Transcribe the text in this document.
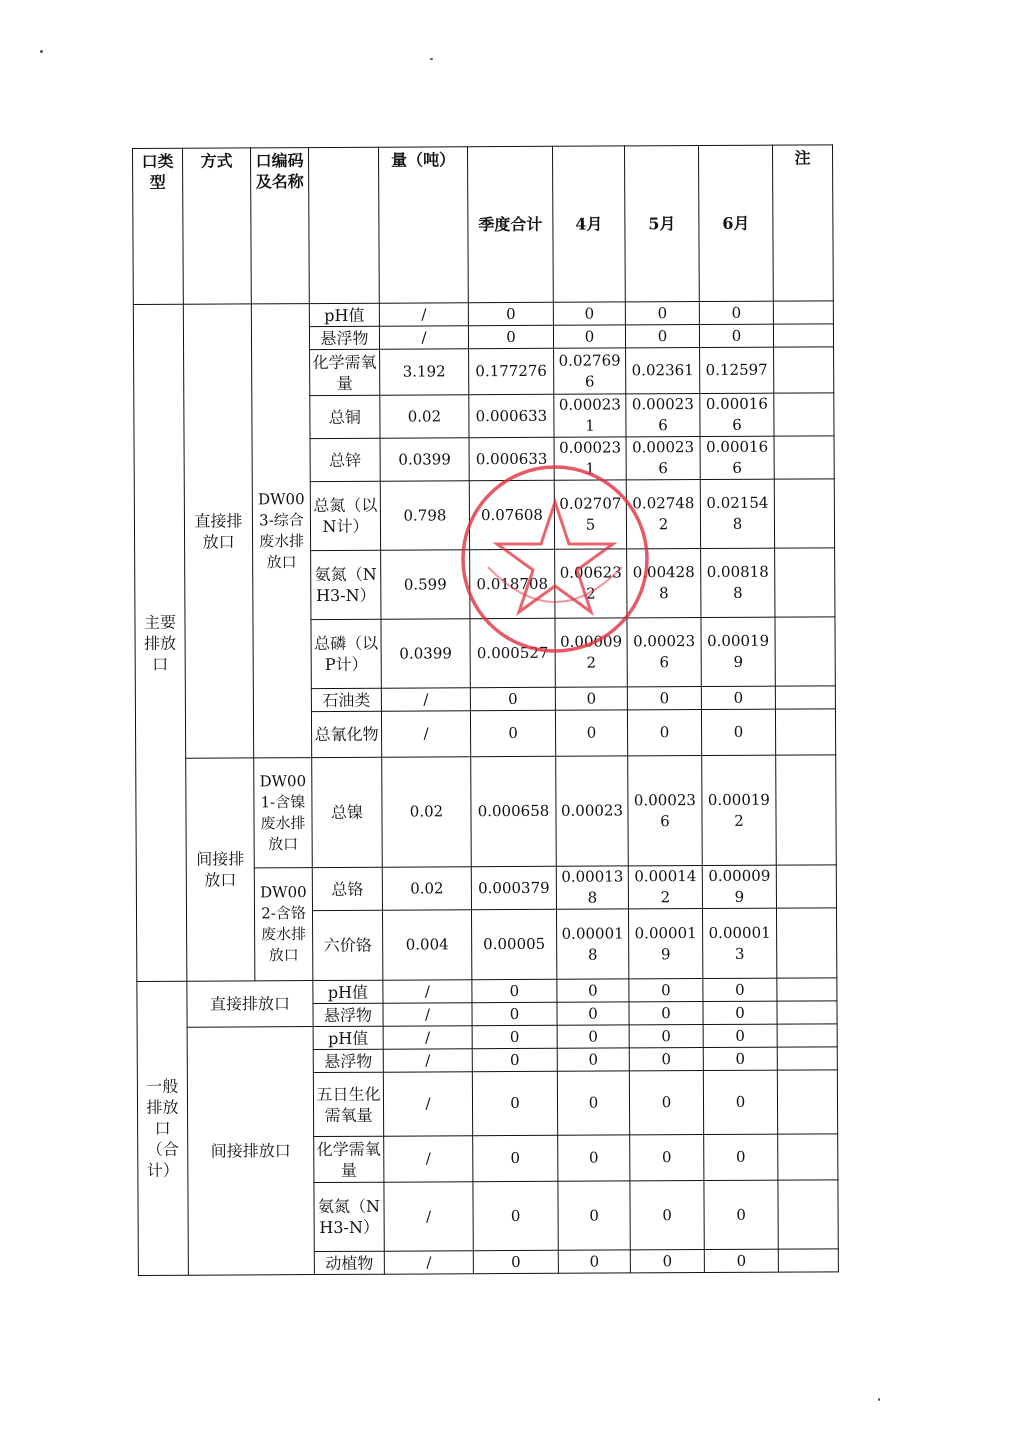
口类型	方式	口编码及名称		量（吨）	季度合计	4月	5月	6月	注
主要排放口	直接排放口	DW003-综合废水排放口	pH值	/	0	0	0	0	
			悬浮物	/	0	0	0	0	
			化学需氧量	3.192	0.177276	0.027696	0.02361	0.12597	
			总铜	0.02	0.000633	0.000231	0.000236	0.000166	
			总锌	0.0399	0.000633	0.000231	0.000236	0.000166	
			总氮（以N计）	0.798	0.07608	0.027075	0.027482	0.021548	
			氨氮（NH3-N）	0.599	0.018708	0.006232	0.004288	0.008188	
			总磷（以P计）	0.0399	0.000527	0.000092	0.000236	0.000199	
			石油类	/	0	0	0	0	
			总氰化物	/	0	0	0	0	
	间接排放口	DW001-含镍废水排放口	总镍	0.02	0.000658	0.00023	0.000236	0.000192	
		DW002-含铬废水排放口	总铬	0.02	0.000379	0.000138	0.000142	0.000099	
			六价铬	0.004	0.00005	0.000018	0.000019	0.000013	
一般排放口（合计）	直接排放口		pH值	/	0	0	0	0	
			悬浮物	/	0	0	0	0	
	间接排放口		pH值	/	0	0	0	0	
			悬浮物	/	0	0	0	0	
			五日生化需氧量	/	0	0	0	0	
			化学需氧量	/	0	0	0	0	
			氨氮（NH3-N）	/	0	0	0	0	
			动植物	/	0	0	0	0	
